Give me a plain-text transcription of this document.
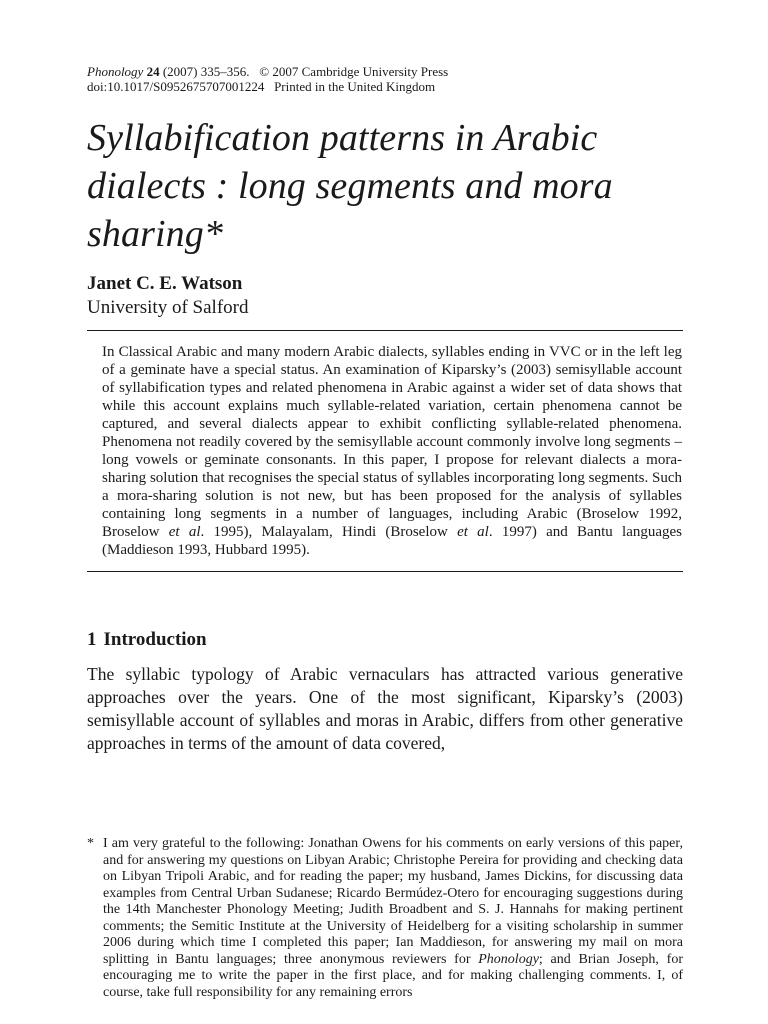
Phonology 24 (2007) 335–356. © 2007 Cambridge University Press
doi:10.1017/S0952675707001224 Printed in the United Kingdom

Syllabification patterns in Arabic dialects : long segments and mora sharing*

Janet C. E. Watson

University of Salford

In Classical Arabic and many modern Arabic dialects, syllables ending in VVC or in the left leg of a geminate have a special status. An examination of Kiparsky’s (2003) semisyllable account of syllabification types and related phenomena in Arabic against a wider set of data shows that while this account explains much syllable-related variation, certain phenomena cannot be captured, and several dialects appear to exhibit conflicting syllable-related phenomena. Phenomena not readily covered by the semisyllable account commonly involve long segments – long vowels or geminate consonants. In this paper, I propose for relevant dialects a mora-sharing solution that recognises the special status of syllables incorporating long segments. Such a mora-sharing solution is not new, but has been proposed for the analysis of syllables containing long segments in a number of languages, including Arabic (Broselow 1992, Broselow et al. 1995), Malayalam, Hindi (Broselow et al. 1997) and Bantu languages (Maddieson 1993, Hubbard 1995).

1 Introduction

The syllabic typology of Arabic vernaculars has attracted various generative approaches over the years. One of the most significant, Kiparsky’s (2003) semisyllable account of syllables and moras in Arabic, differs from other generative approaches in terms of the amount of data covered,

* I am very grateful to the following: Jonathan Owens for his comments on early versions of this paper, and for answering my questions on Libyan Arabic; Christophe Pereira for providing and checking data on Libyan Tripoli Arabic, and for reading the paper; my husband, James Dickins, for discussing data examples from Central Urban Sudanese; Ricardo Bermúdez-Otero for encouraging suggestions during the 14th Manchester Phonology Meeting; Judith Broadbent and S. J. Hannahs for making pertinent comments; the Semitic Institute at the University of Heidelberg for a visiting scholarship in summer 2006 during which time I completed this paper; Ian Maddieson, for answering my mail on mora splitting in Bantu languages; three anonymous reviewers for Phonology; and Brian Joseph, for encouraging me to write the paper in the first place, and for making challenging comments. I, of course, take full responsibility for any remaining errors
